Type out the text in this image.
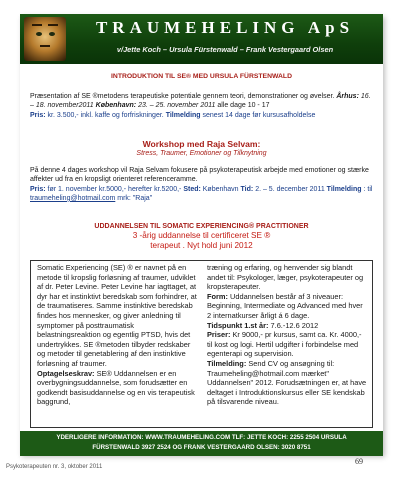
TRAUMEHELING ApS
v/Jette Koch – Ursula Fürstenwald – Frank Vestergaard Olsen
INTRODUKTION TIL SE® MED URSULA FÜRSTENWALD

Præsentation af SE ®metodens terapeutiske potentiale gennem teori, demonstrationer og øvelser. Århus: 16. – 18. november2011 København: 23. – 25. november 2011 alle dage 10 - 17

Pris: kr. 3.500,- inkl. kaffe og forfriskninger. Tilmelding senest 14 dage før kursusafholdelse

Workshop med Raja Selvam:
Stress, Traumer, Emotioner og Tilknytning

På denne 4 dages workshop vil Raja Selvam fokusere på psykoterapeutisk arbejde med emotioner og stærke affekter ud fra en kropsligt orienteret referenceramme.

Pris: før 1. november kr.5000,- herefter kr.5200,- Sted: København Tid: 2. – 5. december 2011 Tilmelding : til traumeheling@hotmail.com mrk: "Raja"

UDDANNELSEN TIL SOMATIC EXPERIENCING® PRACTITIONER
3 -årig uddannelse til certificeret SE ®
terapeut . Nyt hold juni 2012

Somatic Experiencing (SE) ® er navnet på en metode til kropslig forløsning af traumer, udviklet af dr. Peter Levine. Peter Levine har iagttaget, at dyr har et instinktivt beredskab som forhindrer, at de traumatiseres. Samme instinktive beredskab findes hos mennesker, og giver anledning til symptomer på posttraumatisk belastningsreaktion og egentlig PTSD, hvis det undertrykkes. SE ®metoden tilbyder redskaber og metoder til genetablering af den instinktive forløsning af traumer.

Optagelseskrav: SE® Uddannelsen er en overbygningsuddannelse, som forudsætter en godkendt basisuddannelse og en vis terapeutisk baggrund,

træning og erfaring, og henvender sig blandt andet til: Psykologer, læger, psykoterapeuter og kropsterapeuter.

Form: Uddannelsen består af 3 niveauer: Beginning, Intermediate og Advanced med hver 2 internatkurser årligt á 6 dage.

Tidspunkt 1.st år: 7.6.-12.6 2012

Priser: Kr 9000,- pr kursus, samt ca. Kr. 4000,- til kost og logi. Hertil udgifter i forbindelse med egenterapi og supervision.

Tilmelding: Send CV og ansøgning til: Traumeheling@hotmail.com mærket" Uddannelsen" 2012. Forudsætningen er, at have deltaget i Introduktionskursus eller SE kendskab på tilsvarende niveau.

YDERLIGERE INFORMATION: WWW.TRAUMEHELING.COM TLF: JETTE KOCH: 2255 2504 URSULA
FÜRSTENWALD 3927 2524 OG FRANK VESTERGAARD OLSEN: 3020 8751
Psykoterapeuten nr. 3, oktober 2011
69
